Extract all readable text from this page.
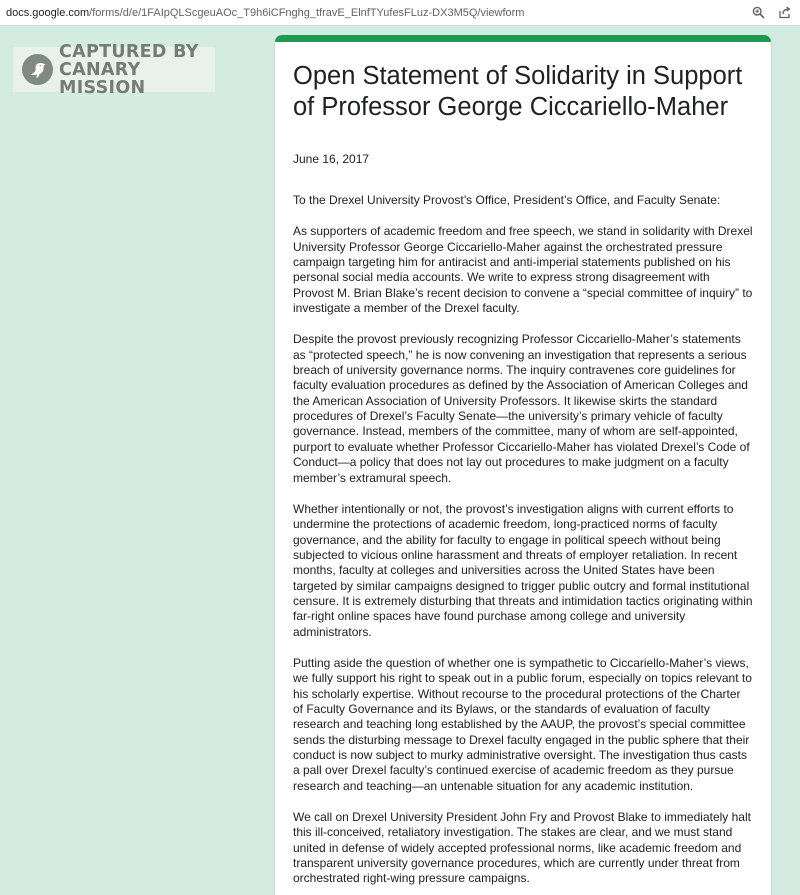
docs.google.com/forms/d/e/1FAIpQLScgeuAOc_T9h6iCFnghg_tfravE_ElnfTYufesFLuz-DX3M5Q/viewform
CAPTURED BY
CANARY MISSION	Open Statement of Solidarity in Support of Professor George Ciccariello-Maher
June 16, 2017

To the Drexel University Provost’s Office, President’s Office, and Faculty Senate:

As supporters of academic freedom and free speech, we stand in solidarity with Drexel University Professor George Ciccariello-Maher against the orchestrated pressure campaign targeting him for antiracist and anti-imperial statements published on his personal social media accounts. We write to express strong disagreement with Provost M. Brian Blake’s recent decision to convene a “special committee of inquiry” to investigate a member of the Drexel faculty.

Despite the provost previously recognizing Professor Ciccariello-Maher’s statements as “protected speech,” he is now convening an investigation that represents a serious breach of university governance norms. The inquiry contravenes core guidelines for faculty evaluation procedures as defined by the Association of American Colleges and the American Association of University Professors. It likewise skirts the standard procedures of Drexel’s Faculty Senate—the university’s primary vehicle of faculty governance. Instead, members of the committee, many of whom are self-appointed, purport to evaluate whether Professor Ciccariello-Maher has violated Drexel’s Code of Conduct—a policy that does not lay out procedures to make judgment on a faculty member’s extramural speech.

Whether intentionally or not, the provost’s investigation aligns with current efforts to undermine the protections of academic freedom, long-practiced norms of faculty governance, and the ability for faculty to engage in political speech without being subjected to vicious online harassment and threats of employer retaliation. In recent months, faculty at colleges and universities across the United States have been targeted by similar campaigns designed to trigger public outcry and formal institutional censure. It is extremely disturbing that threats and intimidation tactics originating within far-right online spaces have found purchase among college and university administrators.

Putting aside the question of whether one is sympathetic to Ciccariello-Maher’s views, we fully support his right to speak out in a public forum, especially on topics relevant to his scholarly expertise. Without recourse to the procedural protections of the Charter of Faculty Governance and its Bylaws, or the standards of evaluation of faculty research and teaching long established by the AAUP, the provost’s special committee sends the disturbing message to Drexel faculty engaged in the public sphere that their conduct is now subject to murky administrative oversight. The investigation thus casts a pall over Drexel faculty’s continued exercise of academic freedom as they pursue research and teaching—an untenable situation for any academic institution.

We call on Drexel University President John Fry and Provost Blake to immediately halt this ill-conceived, retaliatory investigation. The stakes are clear, and we must stand united in defense of widely accepted professional norms, like academic freedom and transparent university governance procedures, which are currently under threat from orchestrated right-wing pressure campaigns.
